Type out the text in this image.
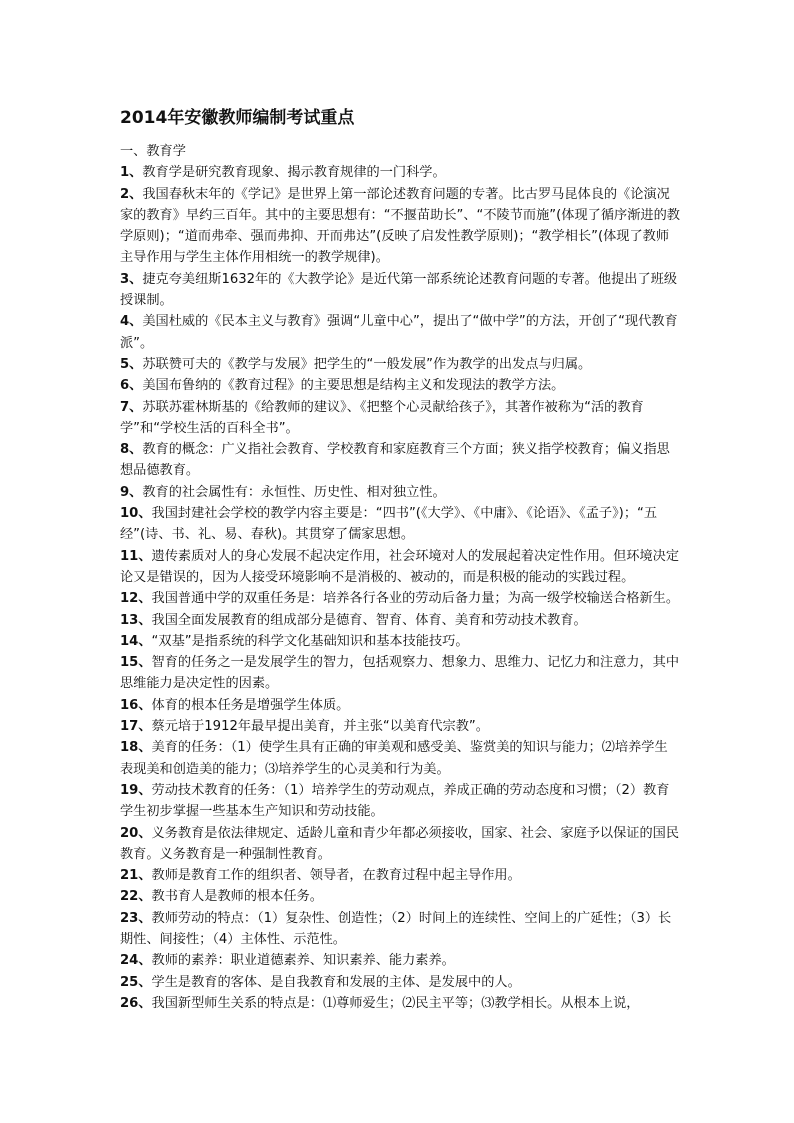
2014年安徽教师编制考试重点

一、教育学

1、教育学是研究教育现象、揭示教育规律的一门科学。

2、我国春秋末年的《学记》是世界上第一部论述教育问题的专著。比古罗马昆体良的《论演况家的教育》早约三百年。其中的主要思想有：“不揠苗助长”、“不陵节而施”(体现了循序渐进的教学原则)；“道而弗牵、强而弗抑、开而弗达”(反映了启发性教学原则)；“教学相长”(体现了教师主导作用与学生主体作用相统一的教学规律)。

3、捷克夸美纽斯1632年的《大教学论》是近代第一部系统论述教育问题的专著。他提出了班级授课制。

4、美国杜威的《民本主义与教育》强调“儿童中心”，提出了“做中学”的方法，开创了“现代教育派”。

5、苏联赞可夫的《教学与发展》把学生的“一般发展”作为教学的出发点与归属。

6、美国布鲁纳的《教育过程》的主要思想是结构主义和发现法的教学方法。

7、苏联苏霍林斯基的《给教师的建议》、《把整个心灵献给孩子》，其著作被称为“活的教育学”和“学校生活的百科全书”。

8、教育的概念：广义指社会教育、学校教育和家庭教育三个方面；狭义指学校教育；偏义指思想品德教育。

9、教育的社会属性有：永恒性、历史性、相对独立性。

10、我国封建社会学校的教学内容主要是：“四书”(《大学》、《中庸》、《论语》、《孟子》)；“五经”(诗、书、礼、易、春秋)。其贯穿了儒家思想。

11、遗传素质对人的身心发展不起决定作用，社会环境对人的发展起着决定性作用。但环境决定论又是错误的，因为人接受环境影响不是消极的、被动的，而是积极的能动的实践过程。

12、我国普通中学的双重任务是：培养各行各业的劳动后备力量；为高一级学校输送合格新生。

13、我国全面发展教育的组成部分是德育、智育、体育、美育和劳动技术教育。

14、“双基”是指系统的科学文化基础知识和基本技能技巧。

15、智育的任务之一是发展学生的智力，包括观察力、想象力、思维力、记忆力和注意力，其中思维能力是决定性的因素。

16、体育的根本任务是增强学生体质。

17、蔡元培于1912年最早提出美育，并主张“以美育代宗教”。

18、美育的任务：（1）使学生具有正确的审美观和感受美、鉴赏美的知识与能力；⑵培养学生表现美和创造美的能力；⑶培养学生的心灵美和行为美。

19、劳动技术教育的任务：（1）培养学生的劳动观点，养成正确的劳动态度和习惯；（2）教育学生初步掌握一些基本生产知识和劳动技能。

20、义务教育是依法律规定、适龄儿童和青少年都必须接收，国家、社会、家庭予以保证的国民教育。义务教育是一种强制性教育。

21、教师是教育工作的组织者、领导者，在教育过程中起主导作用。

22、教书育人是教师的根本任务。

23、教师劳动的特点：（1）复杂性、创造性；（2）时间上的连续性、空间上的广延性；（3）长期性、间接性；（4）主体性、示范性。

24、教师的素养：职业道德素养、知识素养、能力素养。

25、学生是教育的客体、是自我教育和发展的主体、是发展中的人。

26、我国新型师生关系的特点是：⑴尊师爱生；⑵民主平等；⑶教学相长。从根本上说，
